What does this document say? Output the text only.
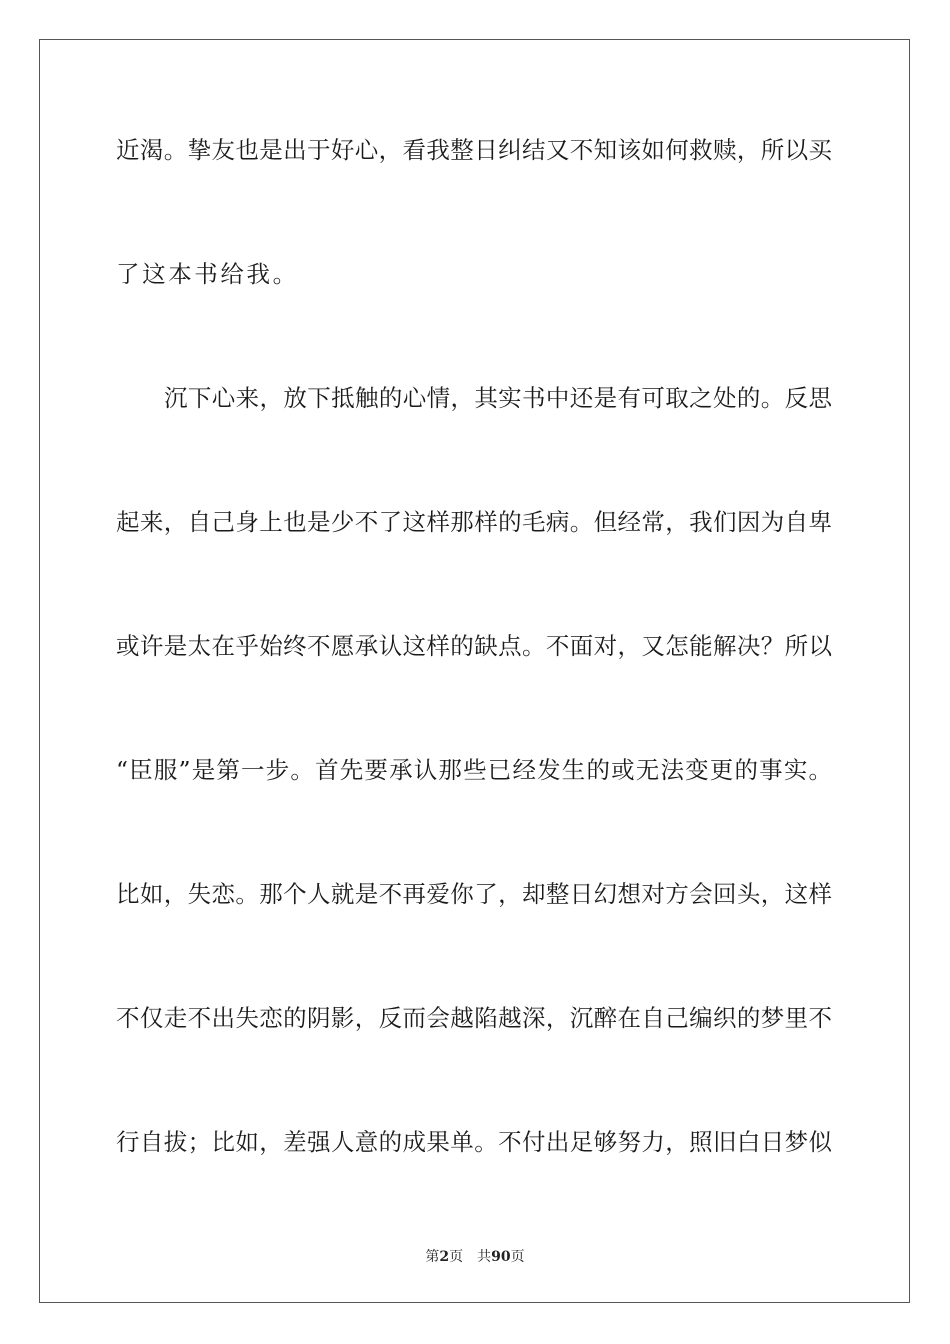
近渴。挚友也是出于好心，看我整日纠结又不知该如何救赎，所以买
了这本书给我。
沉下心来，放下抵触的心情，其实书中还是有可取之处的。反思
起来，自己身上也是少不了这样那样的毛病。但经常，我们因为自卑
或许是太在乎始终不愿承认这样的缺点。不面对，又怎能解决？所以
“臣服”是第一步。首先要承认那些已经发生的或无法变更的事实。
比如，失恋。那个人就是不再爱你了，却整日幻想对方会回头，这样
不仅走不出失恋的阴影，反而会越陷越深，沉醉在自己编织的梦里不
行自拔；比如，差强人意的成果单。不付出足够努力，照旧白日梦似
第2页 共90页
